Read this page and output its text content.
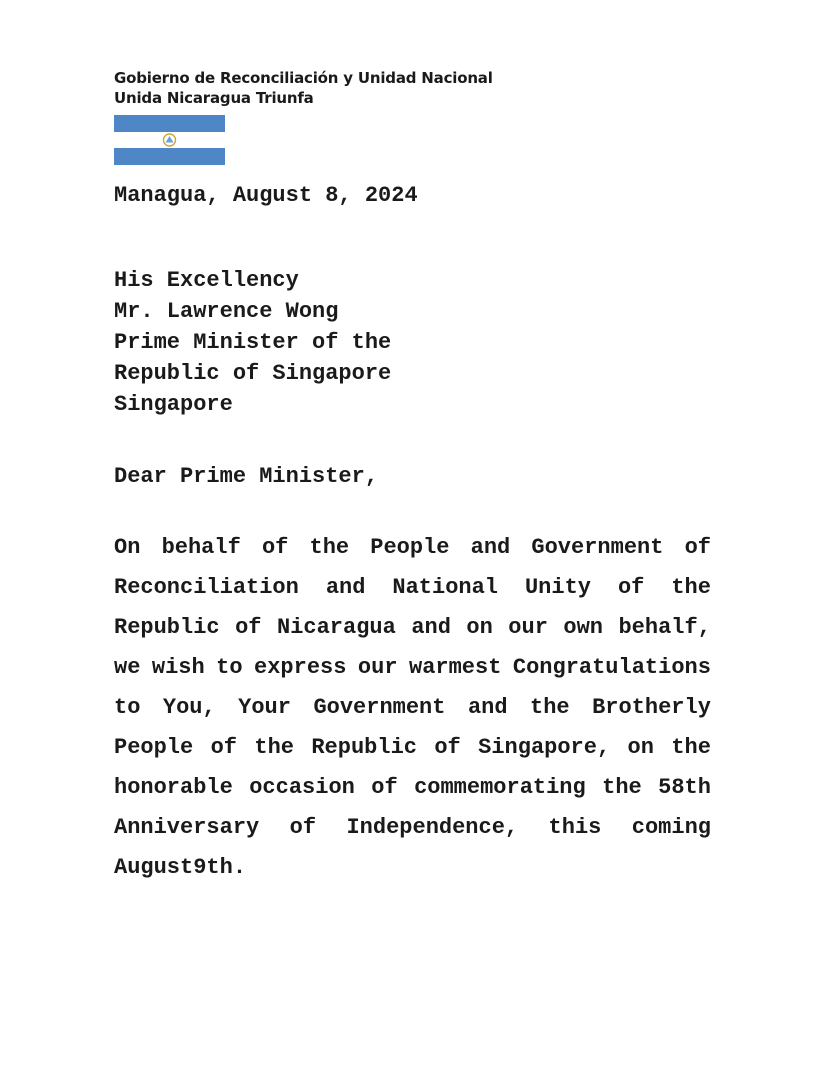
Gobierno de Reconciliación y Unidad Nacional
Unida Nicaragua Triunfa
Managua, August 8, 2024
His Excellency
Mr. Lawrence Wong
Prime Minister of the
Republic of Singapore
Singapore
Dear Prime Minister,
On behalf of the People and Government of
Reconciliation and National Unity of the
Republic of Nicaragua and on our own behalf,
we wish to express our warmest Congratulations
to You, Your Government and the Brotherly
People of the Republic of Singapore, on the
honorable occasion of commemorating the 58th
Anniversary of Independence, this coming
August 9th.
